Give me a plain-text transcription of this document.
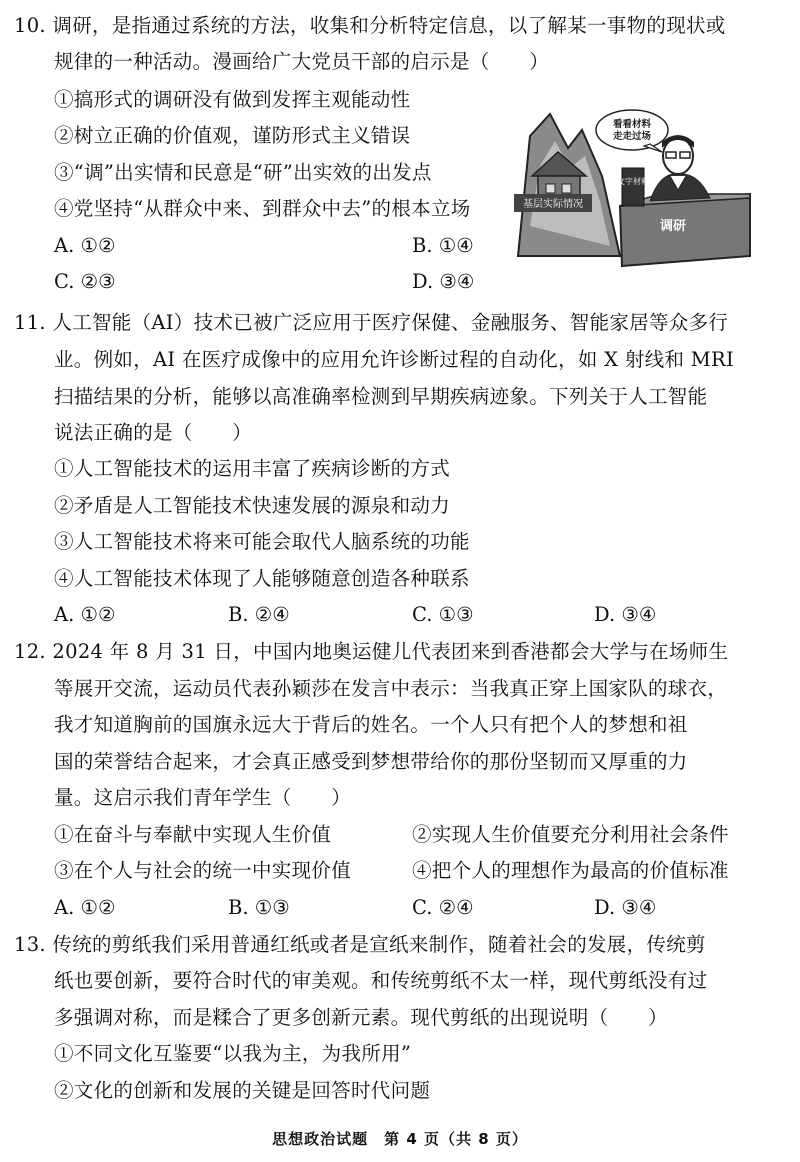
10. 调研，是指通过系统的方法，收集和分析特定信息，以了解某一事物的现状或
规律的一种活动。漫画给广大党员干部的启示是（　　）
①搞形式的调研没有做到发挥主观能动性
②树立正确的价值观，谨防形式主义错误
③“调”出实情和民意是“研”出实效的出发点
④党坚持“从群众中来、到群众中去”的根本立场
A. ①②	B. ①④
C. ②③	D. ③④
基层实际情况
调研
文字材料
看看材料
走走过场
11. 人工智能（AI）技术已被广泛应用于医疗保健、金融服务、智能家居等众多行
业。例如，AI 在医疗成像中的应用允许诊断过程的自动化，如 X 射线和 MRI
扫描结果的分析，能够以高准确率检测到早期疾病迹象。下列关于人工智能
说法正确的是（　　）
①人工智能技术的运用丰富了疾病诊断的方式
②矛盾是人工智能技术快速发展的源泉和动力
③人工智能技术将来可能会取代人脑系统的功能
④人工智能技术体现了人能够随意创造各种联系
A. ①②	B. ②④	C. ①③	D. ③④
12. 2024 年 8 月 31 日，中国内地奥运健儿代表团来到香港都会大学与在场师生
等展开交流，运动员代表孙颖莎在发言中表示：当我真正穿上国家队的球衣，
我才知道胸前的国旗永远大于背后的姓名。一个人只有把个人的梦想和祖
国的荣誉结合起来，才会真正感受到梦想带给你的那份坚韧而又厚重的力
量。这启示我们青年学生（　　）
①在奋斗与奉献中实现人生价值	②实现人生价值要充分利用社会条件
③在个人与社会的统一中实现价值	④把个人的理想作为最高的价值标准
A. ①②	B. ①③	C. ②④	D. ③④
13. 传统的剪纸我们采用普通红纸或者是宣纸来制作，随着社会的发展，传统剪
纸也要创新，要符合时代的审美观。和传统剪纸不太一样，现代剪纸没有过
多强调对称，而是糅合了更多创新元素。现代剪纸的出现说明（　　）
①不同文化互鉴要“以我为主，为我所用”
②文化的创新和发展的关键是回答时代问题
思想政治试题　第 4 页（共 8 页）
